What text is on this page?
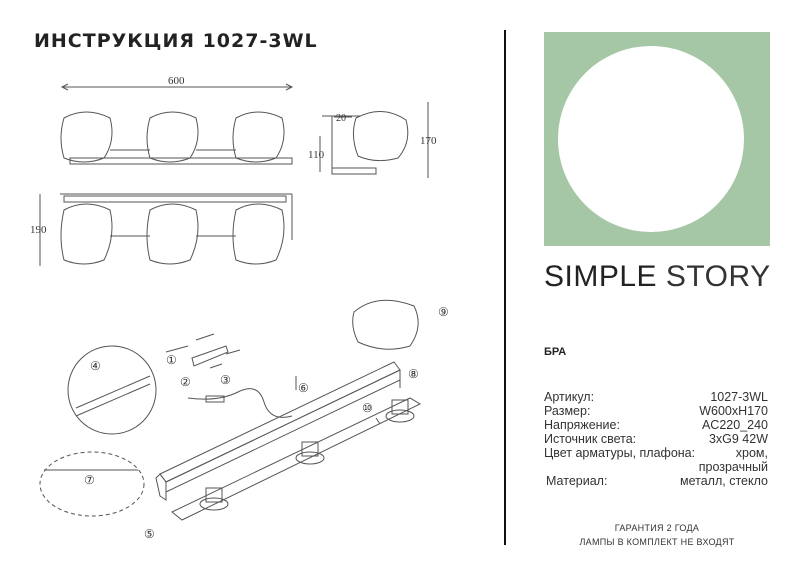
ИНСТРУКЦИЯ 1027-3WL
600
20
170
110
190
①
② ③
④
⑤
⑥
⑦
⑧
⑨
⑩
SIMPLE STORY
БРА
Артикул:	1027-3WL
Размер:	W600xH170
Напряжение:	AC220_240
Источник света:	3xG9 42W
Цвет арматуры, плафона:	хром,
прозрачный
Материал:	металл, стекло
ГАРАНТИЯ 2 ГОДА
ЛАМПЫ В КОМПЛЕКТ НЕ ВХОДЯТ
